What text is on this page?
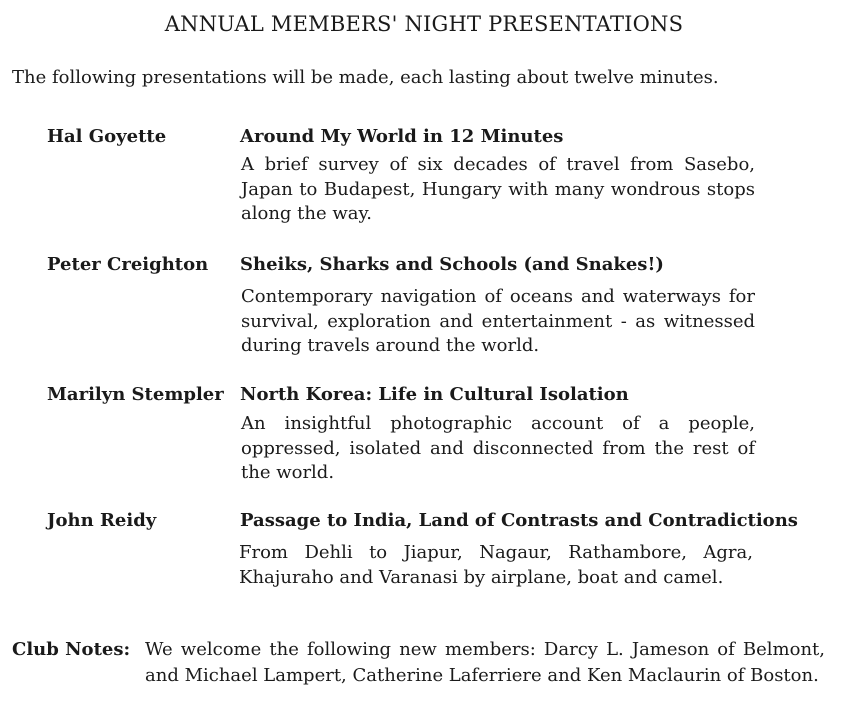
ANNUAL MEMBERS' NIGHT PRESENTATIONS
The following presentations will be made, each lasting about twelve minutes.
Hal Goyette	Around My World in 12 Minutes
A brief survey of six decades of travel from Sasebo, Japan to Budapest, Hungary with many wondrous stops along the way.
Peter Creighton Sheiks, Sharks and Schools (and Snakes!)
Contemporary navigation of oceans and waterways for survival, exploration and entertainment - as witnessed during travels around the world.
Marilyn Stempler North Korea: Life in Cultural Isolation
An insightful photographic account of a people, oppressed, isolated and disconnected from the rest of the world.
John Reidy	Passage to India, Land of Contrasts and Contradictions
From Dehli to Jiapur, Nagaur, Rathambore, Agra, Khajuraho and Varanasi by airplane, boat and camel.
Club Notes: We welcome the following new members: Darcy L. Jameson of Belmont, and Michael Lampert, Catherine Laferriere and Ken Maclaurin of Boston.
